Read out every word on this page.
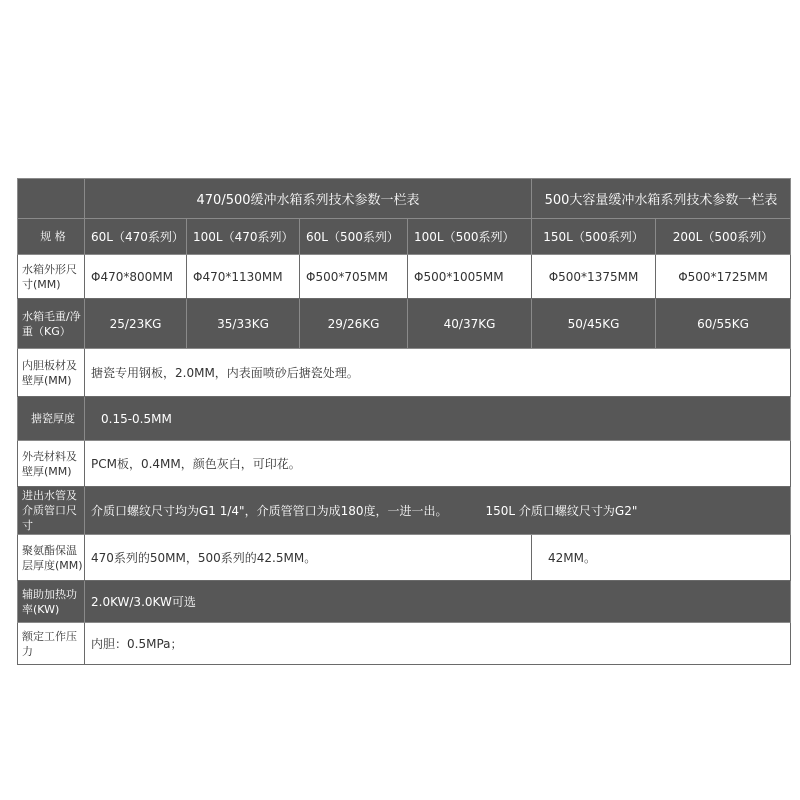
	470/500缓冲水箱系列技术参数一栏表				500大容量缓冲水箱系列技术参数一栏表	
规 格	60L（470系列）	100L（470系列）	60L（500系列）	100L（500系列）	150L（500系列）	200L（500系列）
水箱外形尺寸(MM)	Φ470*800MM	Φ470*1130MM	Φ500*705MM	Φ500*1005MM	Φ500*1375MM	Φ500*1725MM
水箱毛重/净重（KG）	25/23KG	35/33KG	29/26KG	40/37KG	50/45KG	60/55KG
内胆板材及壁厚(MM)	搪瓷专用钢板，2.0MM，内表面喷砂后搪瓷处理。					
搪瓷厚度	0.15-0.5MM					
外壳材料及壁厚(MM)	PCM板，0.4MM，颜色灰白，可印花。					
进出水管及介质管口尺寸	介质口螺纹尺寸均为G1 1/4"，介质管管口为成180度，一进一出。 150L 介质口螺纹尺寸为G2"					
聚氨酯保温层厚度(MM)	470系列的50MM，500系列的42.5MM。				42MM。	
辅助加热功率(KW)	2.0KW/3.0KW可选					
额定工作压力	内胆：0.5MPa；					
